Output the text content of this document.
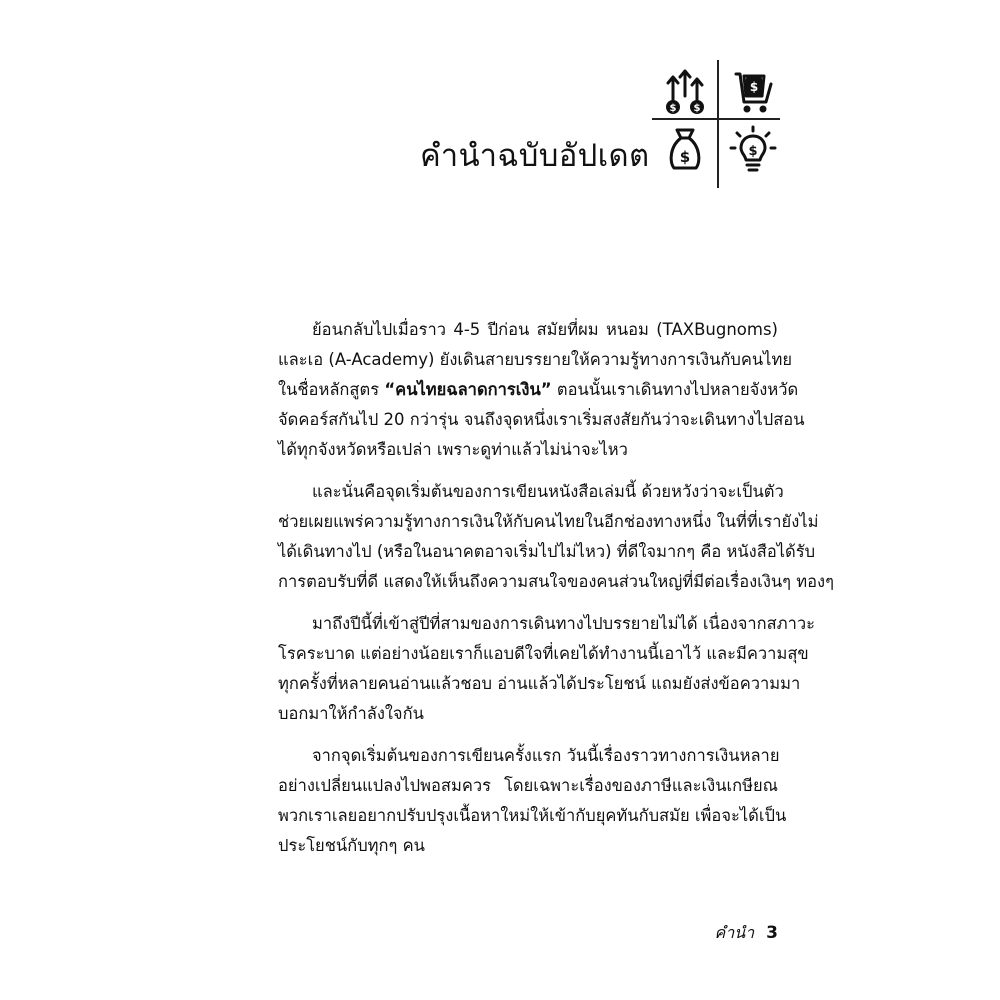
คำนำฉบับอัปเดต
$ $
$
$	$
ย้อนกลับไปเมื่อราว 4-5 ปีก่อน สมัยที่ผม หนอม (TAXBugnoms)
และเอ (A-Academy) ยังเดินสายบรรยายให้ความรู้ทางการเงินกับคนไทย
ในชื่อหลักสูตร “คนไทยฉลาดการเงิน” ตอนนั้นเราเดินทางไปหลายจังหวัด
จัดคอร์สกันไป 20 กว่ารุ่น จนถึงจุดหนึ่งเราเริ่มสงสัยกันว่าจะเดินทางไปสอน
ได้ทุกจังหวัดหรือเปล่า เพราะดูท่าแล้วไม่น่าจะไหว
และนั่นคือจุดเริ่มต้นของการเขียนหนังสือเล่มนี้ ด้วยหวังว่าจะเป็นตัว
ช่วยเผยแพร่ความรู้ทางการเงินให้กับคนไทยในอีกช่องทางหนึ่ง ในที่ที่เรายังไม่
ได้เดินทางไป (หรือในอนาคตอาจเริ่มไปไม่ไหว) ที่ดีใจมากๆ คือ หนังสือได้รับ
การตอบรับที่ดี แสดงให้เห็นถึงความสนใจของคนส่วนใหญ่ที่มีต่อเรื่องเงินๆ ทองๆ
มาถึงปีนี้ที่เข้าสู่ปีที่สามของการเดินทางไปบรรยายไม่ได้ เนื่องจากสภาวะ
โรคระบาด แต่อย่างน้อยเราก็แอบดีใจที่เคยได้ทำงานนี้เอาไว้ และมีความสุข
ทุกครั้งที่หลายคนอ่านแล้วชอบ อ่านแล้วได้ประโยชน์ แถมยังส่งข้อความมา
บอกมาให้กำลังใจกัน
จากจุดเริ่มต้นของการเขียนครั้งแรก วันนี้เรื่องราวทางการเงินหลาย
อย่างเปลี่ยนแปลงไปพอสมควร โดยเฉพาะเรื่องของภาษีและเงินเกษียณ
พวกเราเลยอยากปรับปรุงเนื้อหาใหม่ให้เข้ากับยุคทันกับสมัย เพื่อจะได้เป็น
ประโยชน์กับทุกๆ คน
คำนำ 3
